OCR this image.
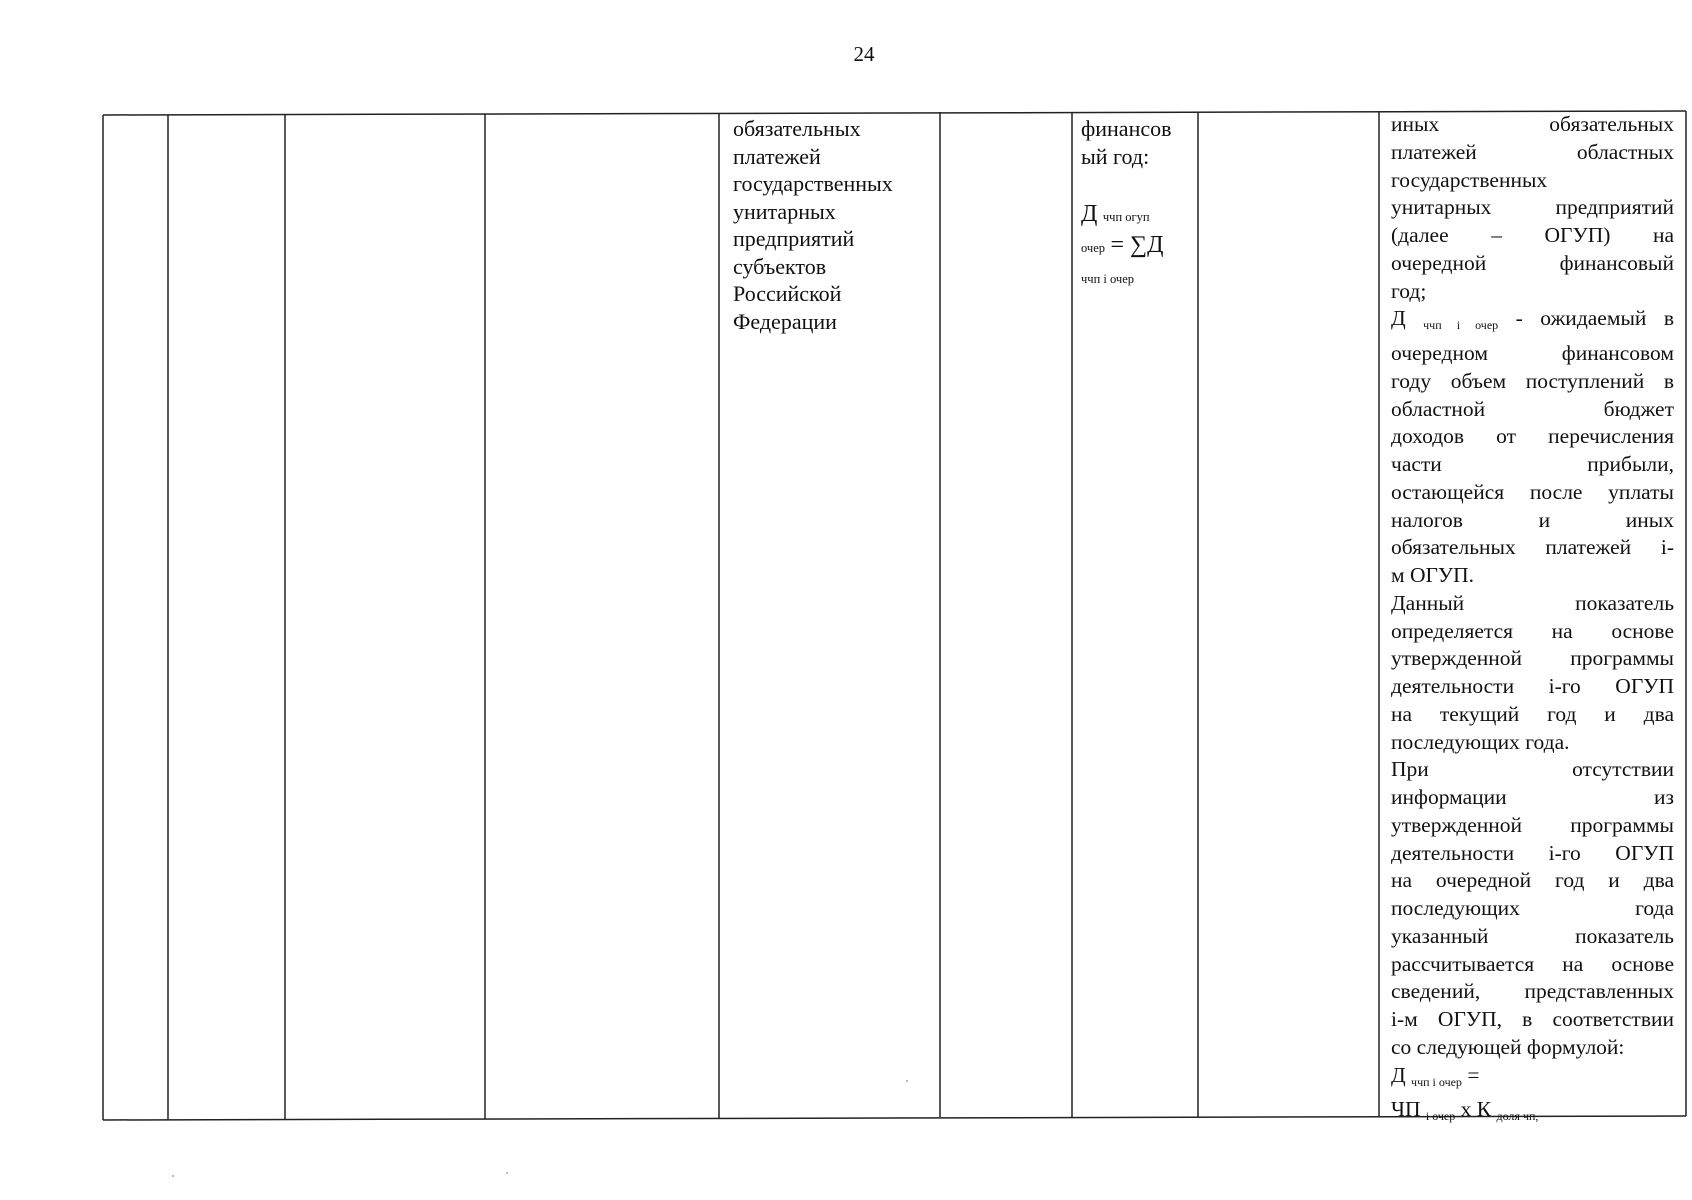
24
обязательных
платежей
государственных
унитарных
предприятий
субъектов
Российской
Федерации
финансов
ый год:
Д ччп огуп
очер = ∑Д
ччп i очер
иных обязательных
платежей областных
государственных
унитарных предприятий
(далее – ОГУП) на
очередной финансовый
год;
Д $_{ччп i очер}$ - ожидаемый в
очередном финансовом
году объем поступлений в
областной бюджет
доходов от перечисления
части прибыли,
остающейся после уплаты
налогов и иных
обязательных платежей i-
м ОГУП.
Данный показатель
определяется на основе
утвержденной программы
деятельности i-го ОГУП
на текущий год и два
последующих года.
При отсутствии
информации из
утвержденной программы
деятельности i-го ОГУП
на очередной год и два
последующих года
указанный показатель
рассчитывается на основе
сведений, представленных
i-м ОГУП, в соответствии
со следующей формулой:
Д $_{ччп i очер}$ =
ЧП $_{i очер}$ x К $_{доля чп,}$
